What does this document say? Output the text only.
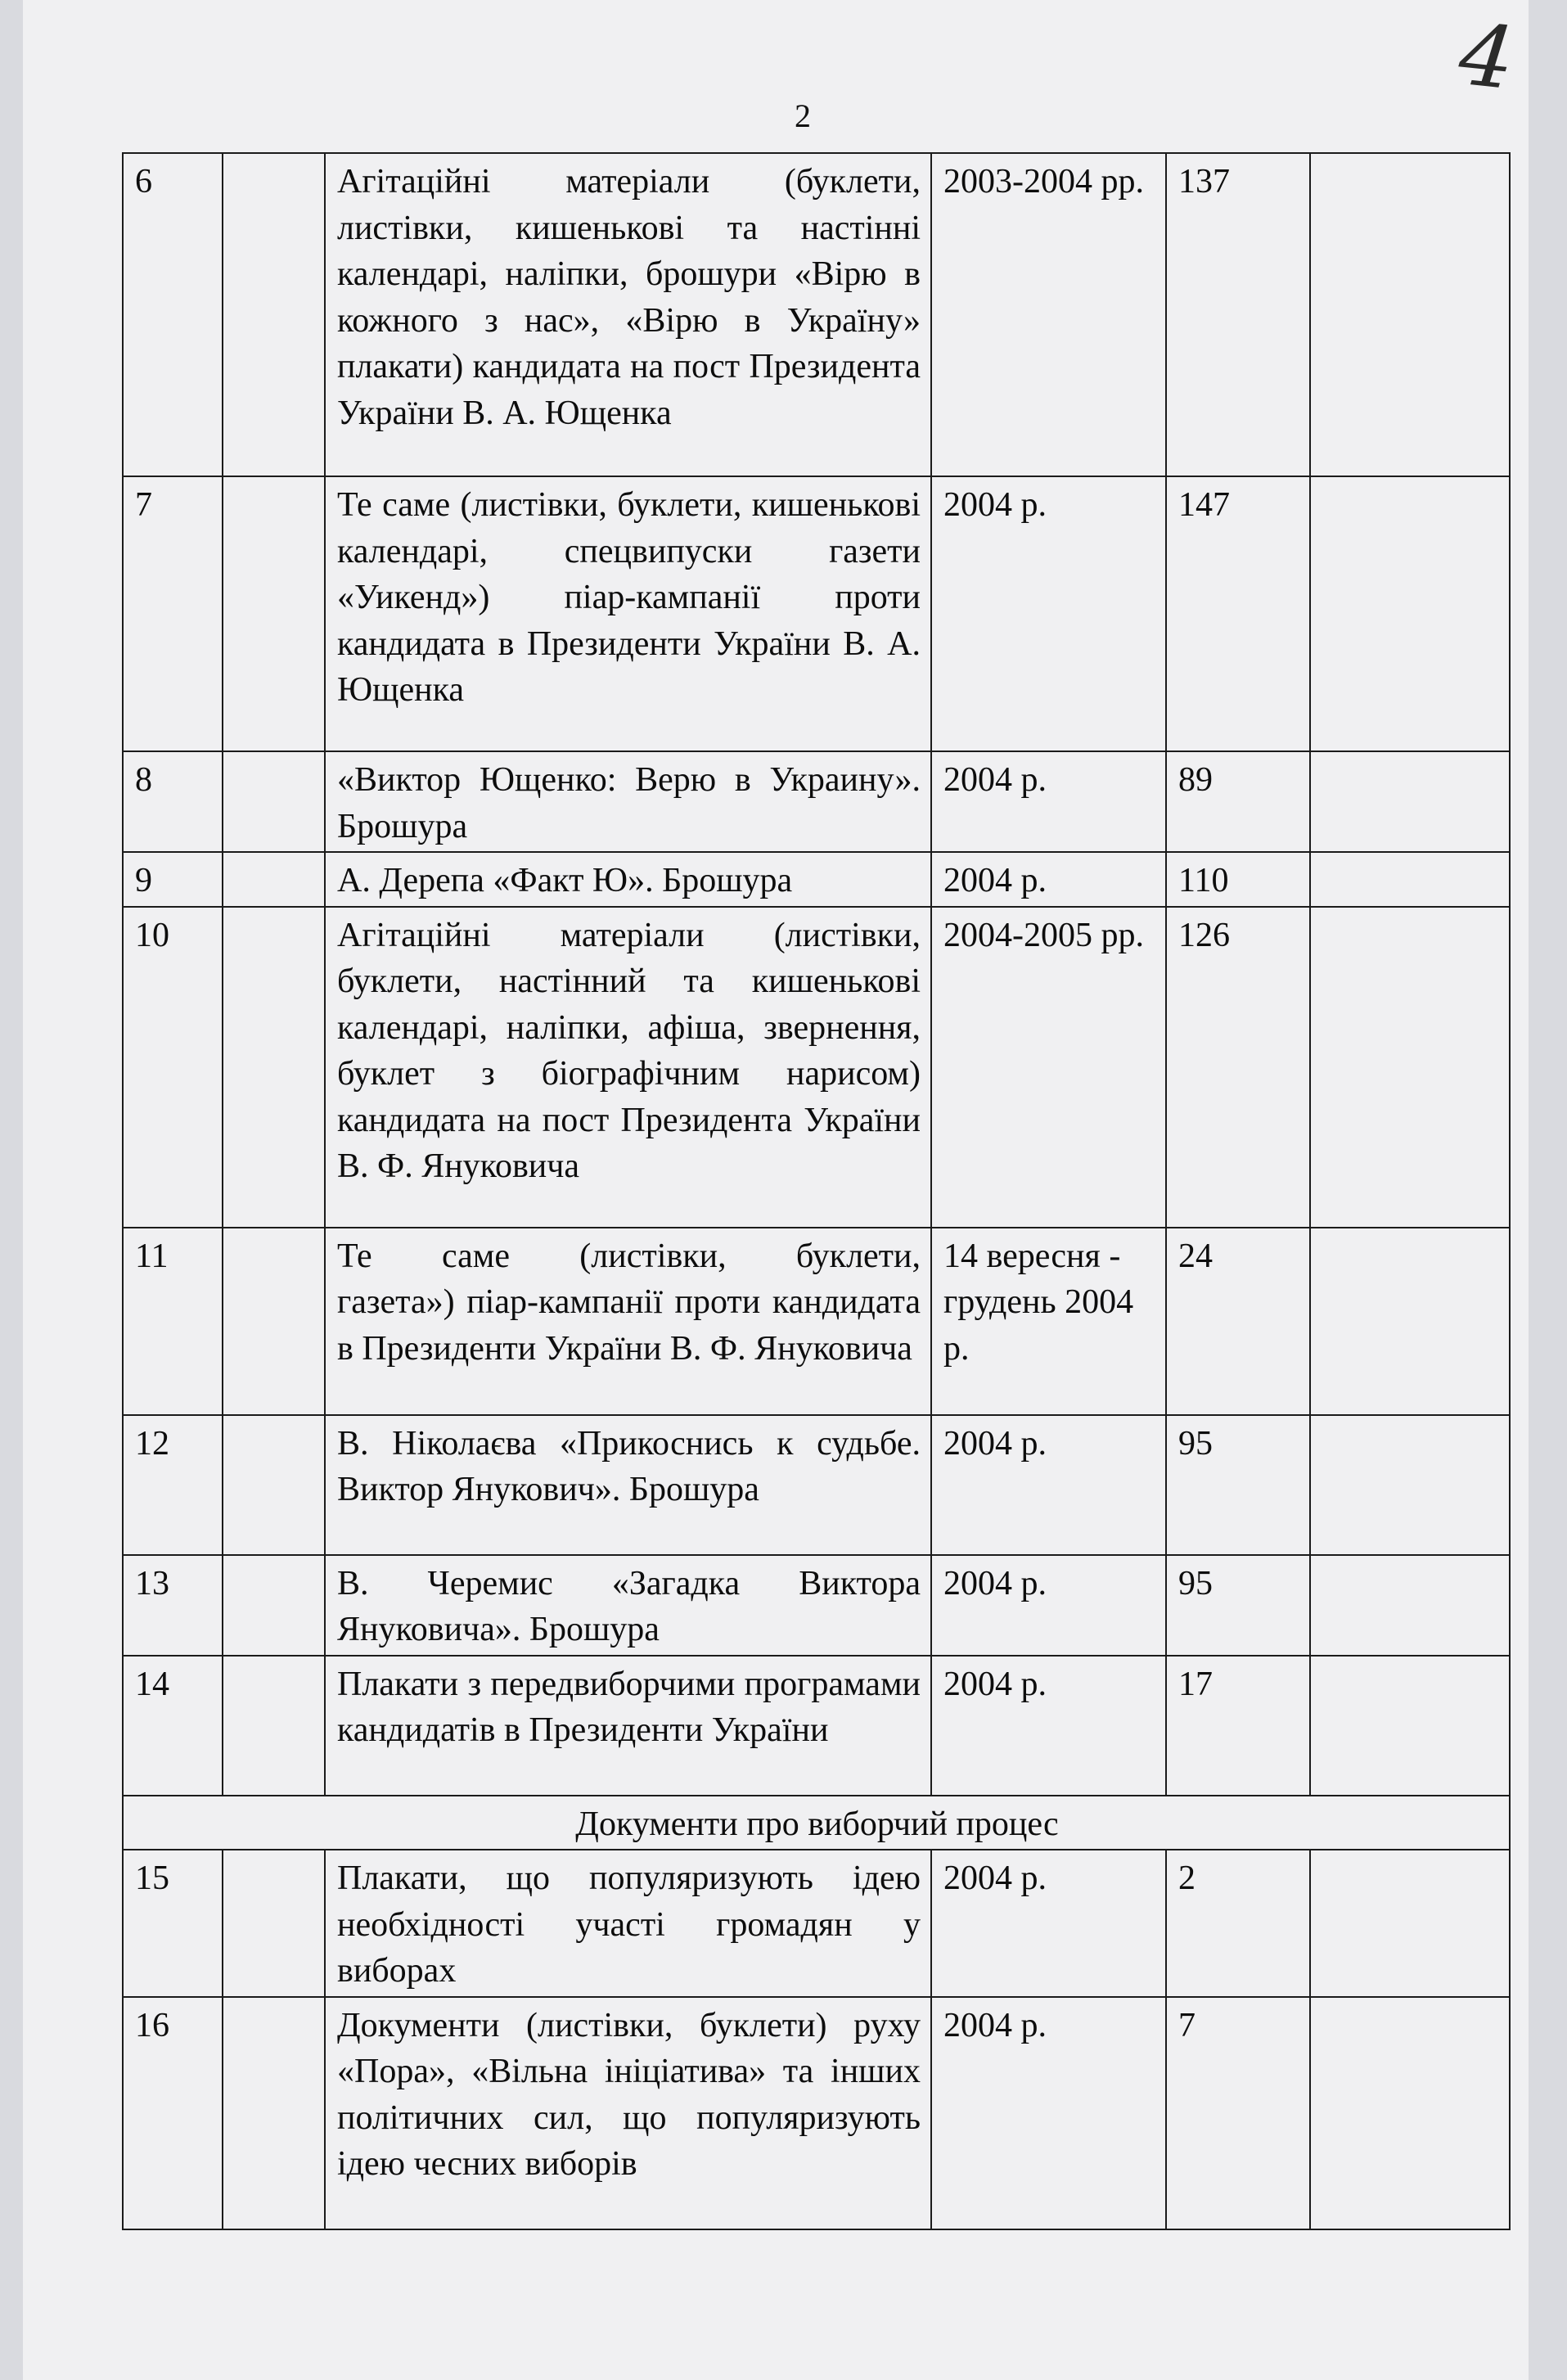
4
2
6		Агітаційні матеріали (буклети, листівки, кишенькові та настінні календарі, наліпки, брошури «Вірю в кожного з нас», «Вірю в Україну» плакати) кандидата на пост Президента України В. А. Ющенка	2003-2004 рр.	137	
7		Те саме (листівки, буклети, кишенькові календарі, спецвипуски газети «Уикенд») піар-кампанії проти кандидата в Президенти України В. А. Ющенка	2004 р.	147	
8		«Виктор Ющенко: Верю в Украину». Брошура	2004 р.	89	
9		А. Дерепа «Факт Ю». Брошура	2004 р.	110	
10		Агітаційні матеріали (листівки, буклети, настінний та кишенькові календарі, наліпки, афіша, звернення, буклет з біографічним нарисом) кандидата на пост Президента України В. Ф. Януковича	2004-2005 рр.	126	
11		Те саме (листівки, буклети, газета») піар-кампанії проти кандидата в Президенти України В. Ф. Януковича	14 вересня - грудень 2004 р.	24	
12		В. Ніколаєва «Прикоснись к судьбе. Виктор Янукович». Брошура	2004 р.	95	
13		В. Черемис «Загадка Виктора Януковича». Брошура	2004 р.	95	
14		Плакати з передвиборчими програмами кандидатів в Президенти України	2004 р.	17	
Документи про виборчий процес					
15		Плакати, що популяризують ідею необхідності участі громадян у виборах	2004 р.	2	
16		Документи (листівки, буклети) руху «Пора», «Вільна ініціатива» та інших політичних сил, що популяризують ідею чесних виборів	2004 р.	7	
